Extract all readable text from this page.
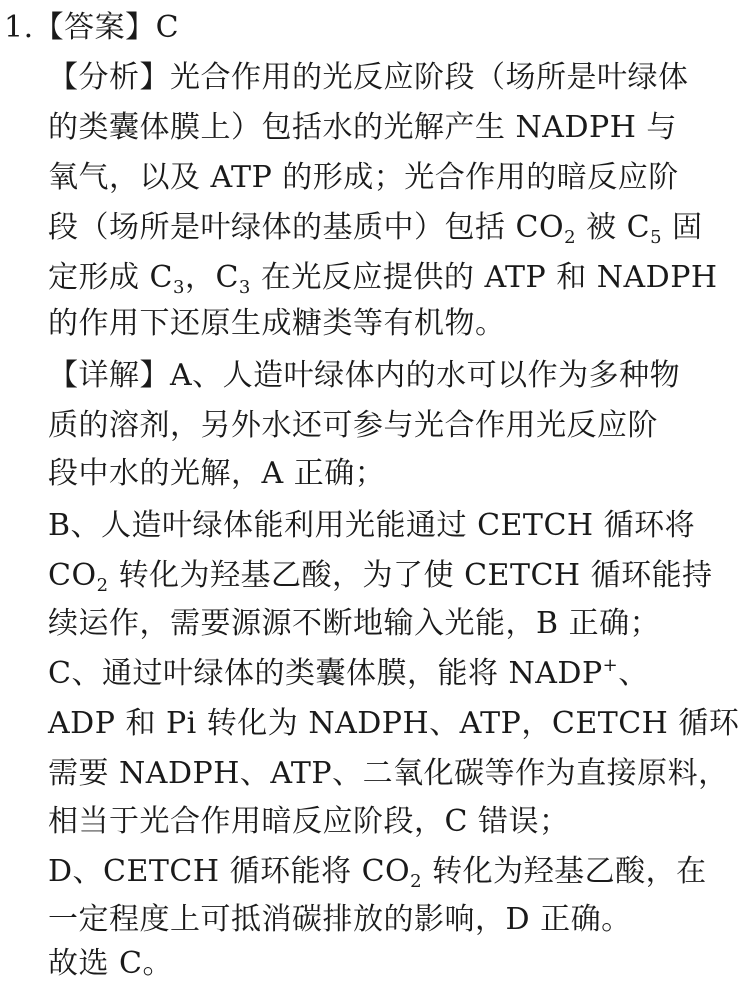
1.【答案】C
【分析】光合作用的光反应阶段（场所是叶绿体
的类囊体膜上）包括水的光解产生 NADPH 与
氧气，以及 ATP 的形成；光合作用的暗反应阶
段（场所是叶绿体的基质中）包括 $CO_2$ 被 $C_5$ 固
定形成 $C_3$，$C_3$ 在光反应提供的 ATP 和 NADPH
的作用下还原生成糖类等有机物。
【详解】A、人造叶绿体内的水可以作为多种物
质的溶剂，另外水还可参与光合作用光反应阶
段中水的光解，A 正确；
B、人造叶绿体能利用光能通过 CETCH 循环将
$CO_2$ 转化为羟基乙酸，为了使 CETCH 循环能持
续运作，需要源源不断地输入光能，B 正确；
C、通过叶绿体的类囊体膜，能将 NADP+、
ADP 和 Pi 转化为 NADPH、ATP，CETCH 循环
需要 NADPH、ATP、二氧化碳等作为直接原料，
相当于光合作用暗反应阶段，C 错误；
D、CETCH 循环能将 $CO_2$ 转化为羟基乙酸，在
一定程度上可抵消碳排放的影响，D 正确。
故选 C。
